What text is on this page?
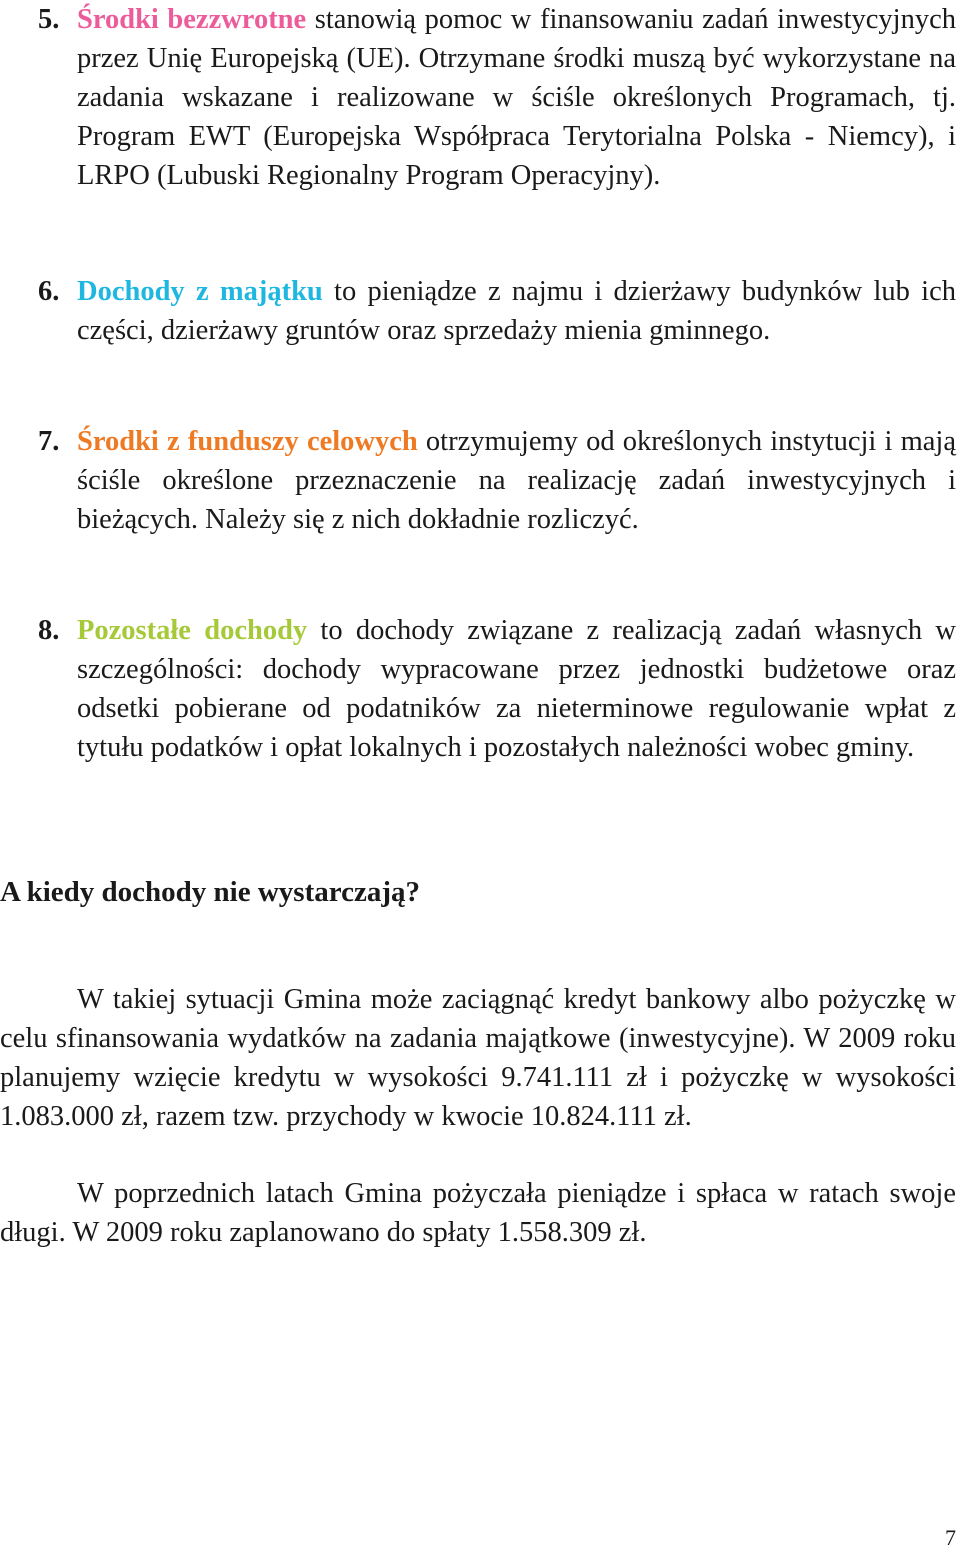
5. Środki bezzwrotne stanowią pomoc w finansowaniu zadań inwestycyjnych przez Unię Europejską (UE). Otrzymane środki muszą być wykorzystane na zadania wskazane i realizowane w ściśle określonych Programach, tj. Program EWT (Europejska Współpraca Terytorialna Polska - Niemcy), i LRPO (Lubuski Regionalny Program Operacyjny).
6. Dochody z majątku to pieniądze z najmu i dzierżawy budynków lub ich części, dzierżawy gruntów oraz sprzedaży mienia gminnego.
7. Środki z funduszy celowych otrzymujemy od określonych instytucji i mają ściśle określone przeznaczenie na realizację zadań inwestycyjnych i bieżących. Należy się z nich dokładnie rozliczyć.
8. Pozostałe dochody to dochody związane z realizacją zadań własnych w szczególności: dochody wypracowane przez jednostki budżetowe oraz odsetki pobierane od podatników za nieterminowe regulowanie wpłat z tytułu podatków i opłat lokalnych i pozostałych należności wobec gminy.
A kiedy dochody nie wystarczają?
W takiej sytuacji Gmina może zaciągnąć kredyt bankowy albo pożyczkę w celu sfinansowania wydatków na zadania majątkowe (inwestycyjne). W 2009 roku planujemy wzięcie kredytu w wysokości 9.741.111 zł i pożyczkę w wysokości 1.083.000 zł, razem tzw. przychody w kwocie 10.824.111 zł.
W poprzednich latach Gmina pożyczała pieniądze i spłaca w ratach swoje długi. W 2009 roku zaplanowano do spłaty 1.558.309 zł.
7
